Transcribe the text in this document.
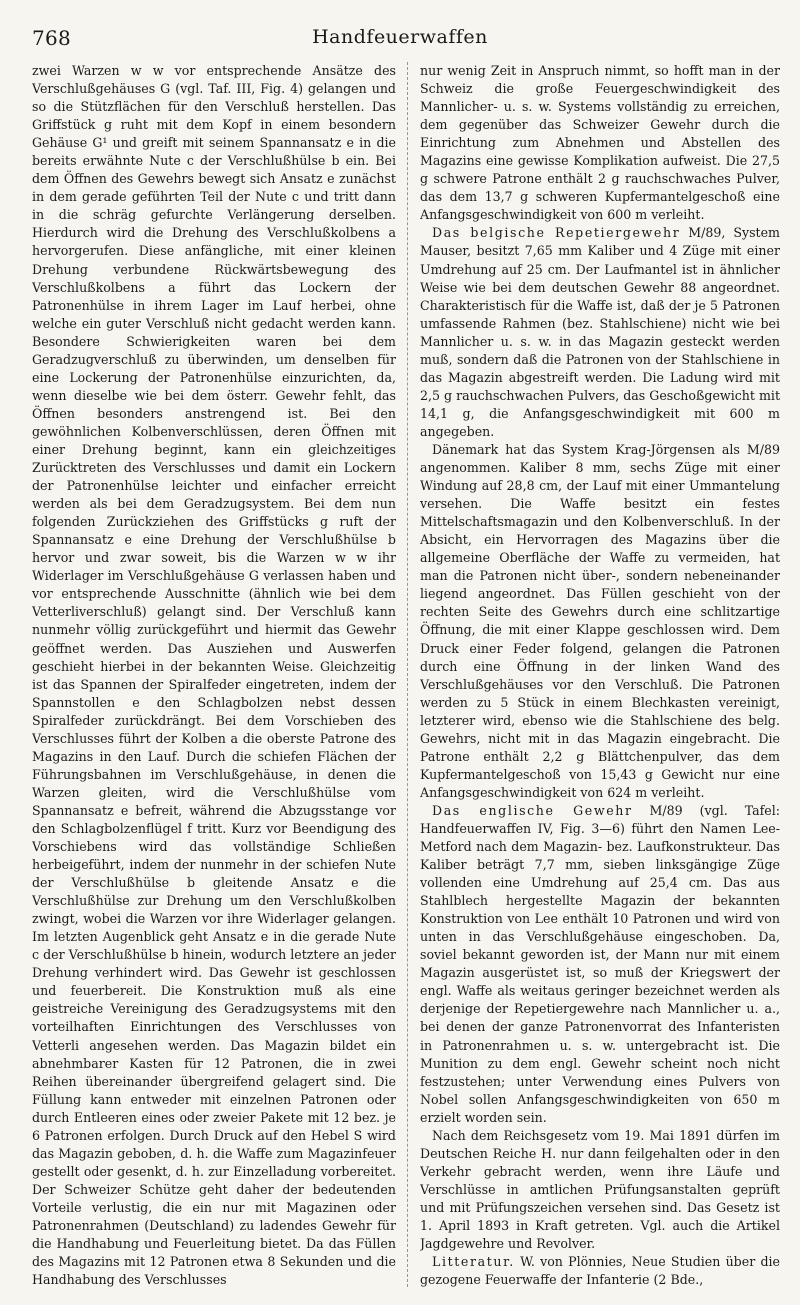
768	Handfeuerwaffen

zwei Warzen w w vor entsprechende Ansätze des Verschlußgehäuses G (vgl. Taf. III, Fig. 4) gelangen und so die Stützflächen für den Verschluß herstellen. Das Griffstück g ruht mit dem Kopf in einem besondern Gehäuse G¹ und greift mit seinem Spannansatz e in die bereits erwähnte Nute c der Verschlußhülse b ein. Bei dem Öffnen des Gewehrs bewegt sich Ansatz e zunächst in dem gerade geführten Teil der Nute c und tritt dann in die schräg gefurchte Verlängerung derselben. Hierdurch wird die Drehung des Verschlußkolbens a hervorgerufen. Diese anfängliche, mit einer kleinen Drehung verbundene Rückwärtsbewegung des Verschlußkolbens a führt das Lockern der Patronenhülse in ihrem Lager im Lauf herbei, ohne welche ein guter Verschluß nicht gedacht werden kann. Besondere Schwierigkeiten waren bei dem Geradzugverschluß zu überwinden, um denselben für eine Lockerung der Patronenhülse einzurichten, da, wenn dieselbe wie bei dem österr. Gewehr fehlt, das Öffnen besonders anstrengend ist. Bei den gewöhnlichen Kolbenverschlüssen, deren Öffnen mit einer Drehung beginnt, kann ein gleichzeitiges Zurücktreten des Verschlusses und damit ein Lockern der Patronenhülse leichter und einfacher erreicht werden als bei dem Geradzugsystem. Bei dem nun folgenden Zurückziehen des Griffstücks g ruft der Spannansatz e eine Drehung der Verschlußhülse b hervor und zwar soweit, bis die Warzen w w ihr Widerlager im Verschlußgehäuse G verlassen haben und vor entsprechende Ausschnitte (ähnlich wie bei dem Vetterliverschluß) gelangt sind. Der Verschluß kann nunmehr völlig zurückgeführt und hiermit das Gewehr geöffnet werden. Das Ausziehen und Auswerfen geschieht hierbei in der bekannten Weise. Gleichzeitig ist das Spannen der Spiralfeder eingetreten, indem der Spannstollen e den Schlagbolzen nebst dessen Spiralfeder zurückdrängt. Bei dem Vorschieben des Verschlusses führt der Kolben a die oberste Patrone des Magazins in den Lauf. Durch die schiefen Flächen der Führungsbahnen im Verschlußgehäuse, in denen die Warzen gleiten, wird die Verschlußhülse vom Spannansatz e befreit, während die Abzugsstange vor den Schlagbolzenflügel f tritt. Kurz vor Beendigung des Vorschiebens wird das vollständige Schließen herbeigeführt, indem der nunmehr in der schiefen Nute der Verschlußhülse b gleitende Ansatz e die Verschlußhülse zur Drehung um den Verschlußkolben zwingt, wobei die Warzen vor ihre Widerlager gelangen. Im letzten Augenblick geht Ansatz e in die gerade Nute c der Verschlußhülse b hinein, wodurch letztere an jeder Drehung verhindert wird. Das Gewehr ist geschlossen und feuerbereit. Die Konstruktion muß als eine geistreiche Vereinigung des Geradzugsystems mit den vorteilhaften Einrichtungen des Verschlusses von Vetterli angesehen werden. Das Magazin bildet ein abnehmbarer Kasten für 12 Patronen, die in zwei Reihen übereinander übergreifend gelagert sind. Die Füllung kann entweder mit einzelnen Patronen oder durch Entleeren eines oder zweier Pakete mit 12 bez. je 6 Patronen erfolgen. Durch Druck auf den Hebel S wird das Magazin geboben, d. h. die Waffe zum Magazinfeuer gestellt oder gesenkt, d. h. zur Einzelladung vorbereitet. Der Schweizer Schütze geht daher der bedeutenden Vorteile verlustig, die ein nur mit Magazinen oder Patronenrahmen (Deutschland) zu ladendes Gewehr für die Handhabung und Feuerleitung bietet. Da das Füllen des Magazins mit 12 Patronen etwa 8 Sekunden und die Handhabung des Verschlusses

nur wenig Zeit in Anspruch nimmt, so hofft man in der Schweiz die große Feuergeschwindigkeit des Mannlicher- u. s. w. Systems vollständig zu erreichen, dem gegenüber das Schweizer Gewehr durch die Einrichtung zum Abnehmen und Abstellen des Magazins eine gewisse Komplikation aufweist. Die 27,5 g schwere Patrone enthält 2 g rauchschwaches Pulver, das dem 13,7 g schweren Kupfermantelgeschoß eine Anfangsgeschwindigkeit von 600 m verleiht.

Das belgische Repetiergewehr M/89, System Mauser, besitzt 7,65 mm Kaliber und 4 Züge mit einer Umdrehung auf 25 cm. Der Laufmantel ist in ähnlicher Weise wie bei dem deutschen Gewehr 88 angeordnet. Charakteristisch für die Waffe ist, daß der je 5 Patronen umfassende Rahmen (bez. Stahlschiene) nicht wie bei Mannlicher u. s. w. in das Magazin gesteckt werden muß, sondern daß die Patronen von der Stahlschiene in das Magazin abgestreift werden. Die Ladung wird mit 2,5 g rauchschwachen Pulvers, das Geschoßgewicht mit 14,1 g, die Anfangsgeschwindigkeit mit 600 m angegeben.

Dänemark hat das System Krag-Jörgensen als M/89 angenommen. Kaliber 8 mm, sechs Züge mit einer Windung auf 28,8 cm, der Lauf mit einer Ummantelung versehen. Die Waffe besitzt ein festes Mittelschaftsmagazin und den Kolbenverschluß. In der Absicht, ein Hervorragen des Magazins über die allgemeine Oberfläche der Waffe zu vermeiden, hat man die Patronen nicht über-, sondern nebeneinander liegend angeordnet. Das Füllen geschieht von der rechten Seite des Gewehrs durch eine schlitzartige Öffnung, die mit einer Klappe geschlossen wird. Dem Druck einer Feder folgend, gelangen die Patronen durch eine Öffnung in der linken Wand des Verschlußgehäuses vor den Verschluß. Die Patronen werden zu 5 Stück in einem Blechkasten vereinigt, letzterer wird, ebenso wie die Stahlschiene des belg. Gewehrs, nicht mit in das Magazin eingebracht. Die Patrone enthält 2,2 g Blättchenpulver, das dem Kupfermantelgeschoß von 15,43 g Gewicht nur eine Anfangsgeschwindigkeit von 624 m verleiht.

Das englische Gewehr M/89 (vgl. Tafel: Handfeuerwaffen IV, Fig. 3—6) führt den Namen Lee-Metford nach dem Magazin- bez. Laufkonstrukteur. Das Kaliber beträgt 7,7 mm, sieben linksgängige Züge vollenden eine Umdrehung auf 25,4 cm. Das aus Stahlblech hergestellte Magazin der bekannten Konstruktion von Lee enthält 10 Patronen und wird von unten in das Verschlußgehäuse eingeschoben. Da, soviel bekannt geworden ist, der Mann nur mit einem Magazin ausgerüstet ist, so muß der Kriegswert der engl. Waffe als weitaus geringer bezeichnet werden als derjenige der Repetiergewehre nach Mannlicher u. a., bei denen der ganze Patronenvorrat des Infanteristen in Patronenrahmen u. s. w. untergebracht ist. Die Munition zu dem engl. Gewehr scheint noch nicht festzustehen; unter Verwendung eines Pulvers von Nobel sollen Anfangsgeschwindigkeiten von 650 m erzielt worden sein.

Nach dem Reichsgesetz vom 19. Mai 1891 dürfen im Deutschen Reiche H. nur dann feilgehalten oder in den Verkehr gebracht werden, wenn ihre Läufe und Verschlüsse in amtlichen Prüfungsanstalten geprüft und mit Prüfungszeichen versehen sind. Das Gesetz ist 1. April 1893 in Kraft getreten. Vgl. auch die Artikel Jagdgewehre und Revolver.

Litteratur. W. von Plönnies, Neue Studien über die gezogene Feuerwaffe der Infanterie (2 Bde.,
